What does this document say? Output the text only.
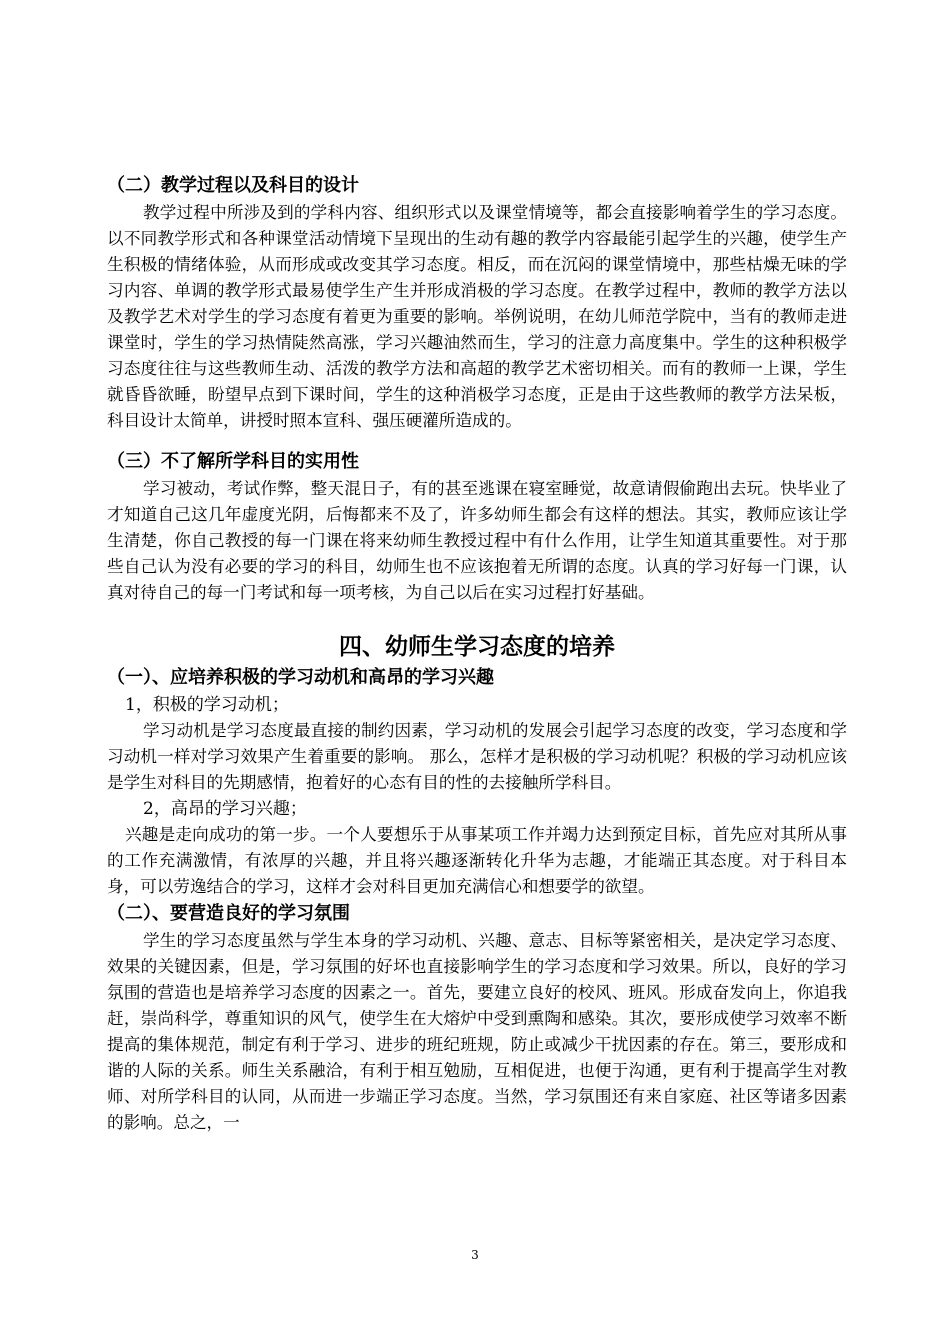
（二）教学过程以及科目的设计
教学过程中所涉及到的学科内容、组织形式以及课堂情境等，都会直接影响着学生的学习态度。以不同教学形式和各种课堂活动情境下呈现出的生动有趣的教学内容最能引起学生的兴趣，使学生产生积极的情绪体验，从而形成或改变其学习态度。相反，而在沉闷的课堂情境中，那些枯燥无味的学习内容、单调的教学形式最易使学生产生并形成消极的学习态度。在教学过程中，教师的教学方法以及教学艺术对学生的学习态度有着更为重要的影响。举例说明，在幼儿师范学院中，当有的教师走进课堂时，学生的学习热情陡然高涨，学习兴趣油然而生，学习的注意力高度集中。学生的这种积极学习态度往往与这些教师生动、活泼的教学方法和高超的教学艺术密切相关。而有的教师一上课，学生就昏昏欲睡，盼望早点到下课时间，学生的这种消极学习态度，正是由于这些教师的教学方法呆板，科目设计太简单，讲授时照本宣科、强压硬灌所造成的。
（三）不了解所学科目的实用性
学习被动，考试作弊，整天混日子，有的甚至逃课在寝室睡觉，故意请假偷跑出去玩。快毕业了才知道自己这几年虚度光阴，后悔都来不及了，许多幼师生都会有这样的想法。其实，教师应该让学生清楚，你自己教授的每一门课在将来幼师生教授过程中有什么作用，让学生知道其重要性。对于那些自己认为没有必要的学习的科目，幼师生也不应该抱着无所谓的态度。认真的学习好每一门课，认真对待自己的每一门考试和每一项考核，为自己以后在实习过程打好基础。
四、幼师生学习态度的培养
（一）、应培养积极的学习动机和高昂的学习兴趣
1，积极的学习动机；
学习动机是学习态度最直接的制约因素，学习动机的发展会引起学习态度的改变，学习态度和学习动机一样对学习效果产生着重要的影响。 那么，怎样才是积极的学习动机呢？积极的学习动机应该是学生对科目的先期感情，抱着好的心态有目的性的去接触所学科目。
2，高昂的学习兴趣；
兴趣是走向成功的第一步。一个人要想乐于从事某项工作并竭力达到预定目标，首先应对其所从事的工作充满激情，有浓厚的兴趣，并且将兴趣逐渐转化升华为志趣，才能端正其态度。对于科目本身，可以劳逸结合的学习，这样才会对科目更加充满信心和想要学的欲望。
（二）、要营造良好的学习氛围
学生的学习态度虽然与学生本身的学习动机、兴趣、意志、目标等紧密相关，是决定学习态度、效果的关键因素，但是，学习氛围的好坏也直接影响学生的学习态度和学习效果。所以，良好的学习氛围的营造也是培养学习态度的因素之一。首先，要建立良好的校风、班风。形成奋发向上，你追我赶，崇尚科学，尊重知识的风气，使学生在大熔炉中受到熏陶和感染。其次，要形成使学习效率不断提高的集体规范，制定有利于学习、进步的班纪班规，防止或减少干扰因素的存在。第三，要形成和谐的人际的关系。师生关系融洽，有利于相互勉励，互相促进，也便于沟通，更有利于提高学生对教师、对所学科目的认同，从而进一步端正学习态度。当然，学习氛围还有来自家庭、社区等诸多因素的影响。总之，一
3
